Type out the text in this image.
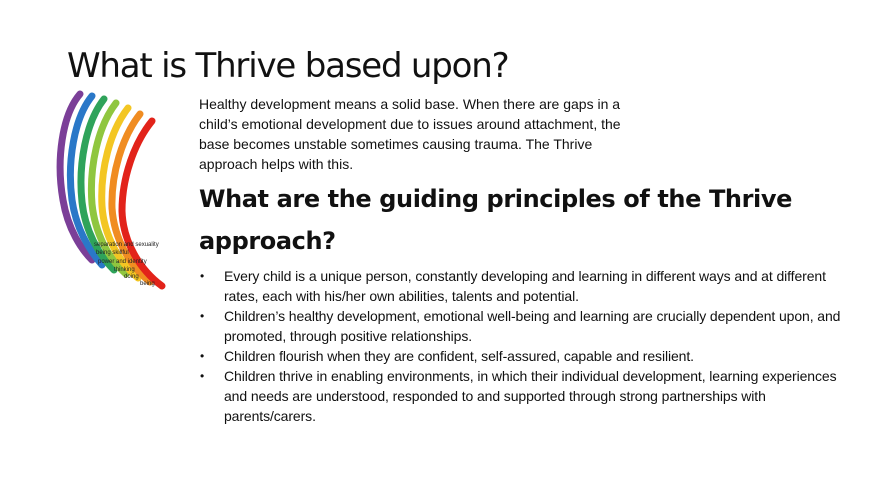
What is Thrive based upon?
separation and sexuality
being skillful
power and identity
thinking
doing
being

Healthy development means a solid base. When there are gaps in a child’s emotional development due to issues around attachment, the base becomes unstable sometimes causing trauma. The Thrive approach helps with this.

What are the guiding principles of the Thrive approach?
• Every child is a unique person, constantly developing and learning in different ways and at different rates, each with his/her own abilities, talents and potential.
• Children’s healthy development, emotional well-being and learning are crucially dependent upon, and promoted, through positive relationships.
• Children flourish when they are confident, self-assured, capable and resilient.
• Children thrive in enabling environments, in which their individual development, learning experiences and needs are understood, responded to and supported through strong partnerships with parents/carers.
